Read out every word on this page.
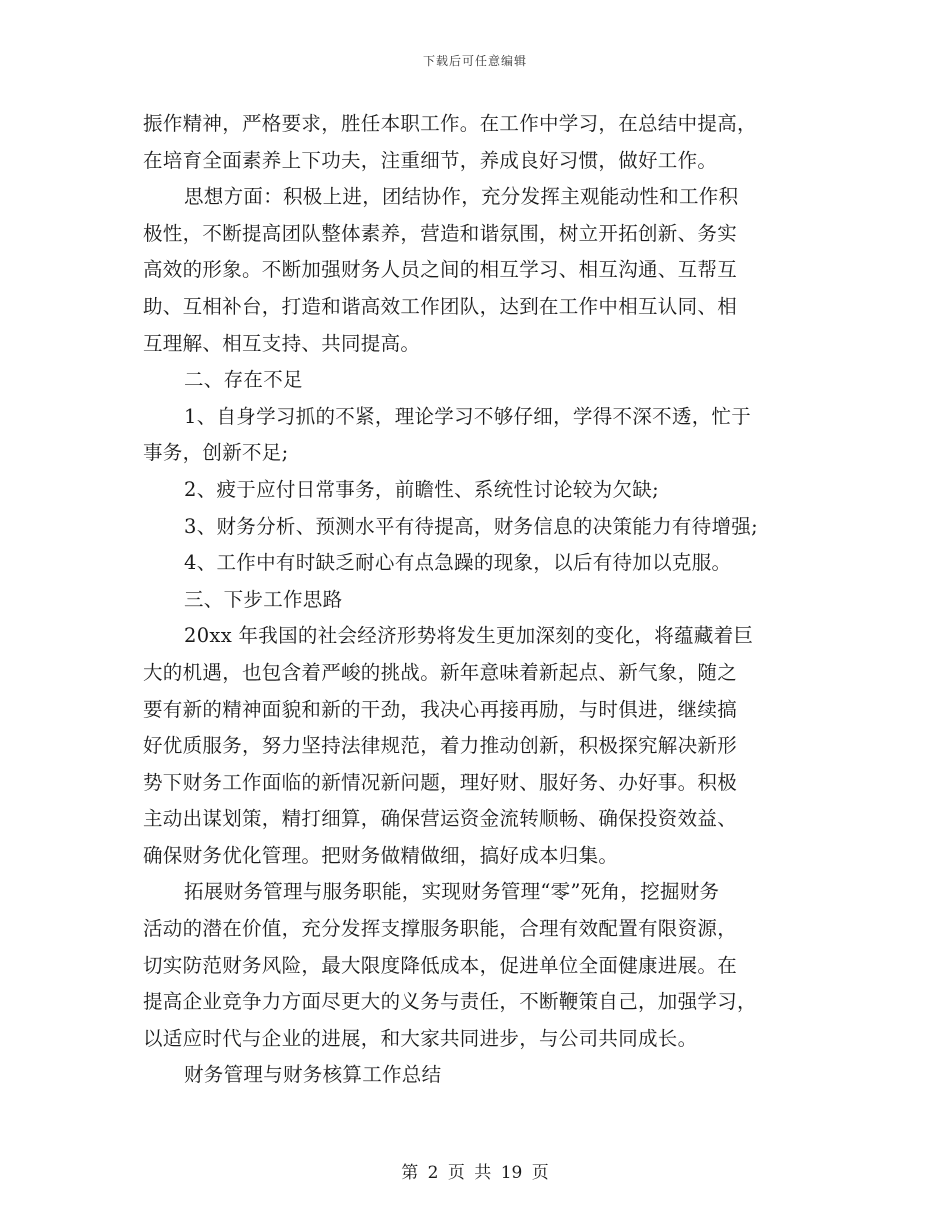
下载后可任意编辑
振作精神，严格要求，胜任本职工作。在工作中学习，在总结中提高，
在培育全面素养上下功夫，注重细节，养成良好习惯，做好工作。
思想方面：积极上进，团结协作，充分发挥主观能动性和工作积
极性，不断提高团队整体素养，营造和谐氛围，树立开拓创新、务实
高效的形象。不断加强财务人员之间的相互学习、相互沟通、互帮互
助、互相补台，打造和谐高效工作团队，达到在工作中相互认同、相
互理解、相互支持、共同提高。
二、存在不足
1、自身学习抓的不紧，理论学习不够仔细，学得不深不透，忙于
事务，创新不足;
2、疲于应付日常事务，前瞻性、系统性讨论较为欠缺;
3、财务分析、预测水平有待提高，财务信息的决策能力有待增强;
4、工作中有时缺乏耐心有点急躁的现象，以后有待加以克服。
三、下步工作思路
20xx 年我国的社会经济形势将发生更加深刻的变化，将蕴藏着巨
大的机遇，也包含着严峻的挑战。新年意味着新起点、新气象，随之
要有新的精神面貌和新的干劲，我决心再接再励，与时俱进，继续搞
好优质服务，努力坚持法律规范，着力推动创新，积极探究解决新形
势下财务工作面临的新情况新问题，理好财、服好务、办好事。积极
主动出谋划策，精打细算，确保营运资金流转顺畅、确保投资效益、
确保财务优化管理。把财务做精做细，搞好成本归集。
拓展财务管理与服务职能，实现财务管理“零”死角，挖掘财务
活动的潜在价值，充分发挥支撑服务职能，合理有效配置有限资源，
切实防范财务风险，最大限度降低成本，促进单位全面健康进展。在
提高企业竞争力方面尽更大的义务与责任，不断鞭策自己，加强学习，
以适应时代与企业的进展，和大家共同进步，与公司共同成长。
财务管理与财务核算工作总结
第 2 页 共 19 页
